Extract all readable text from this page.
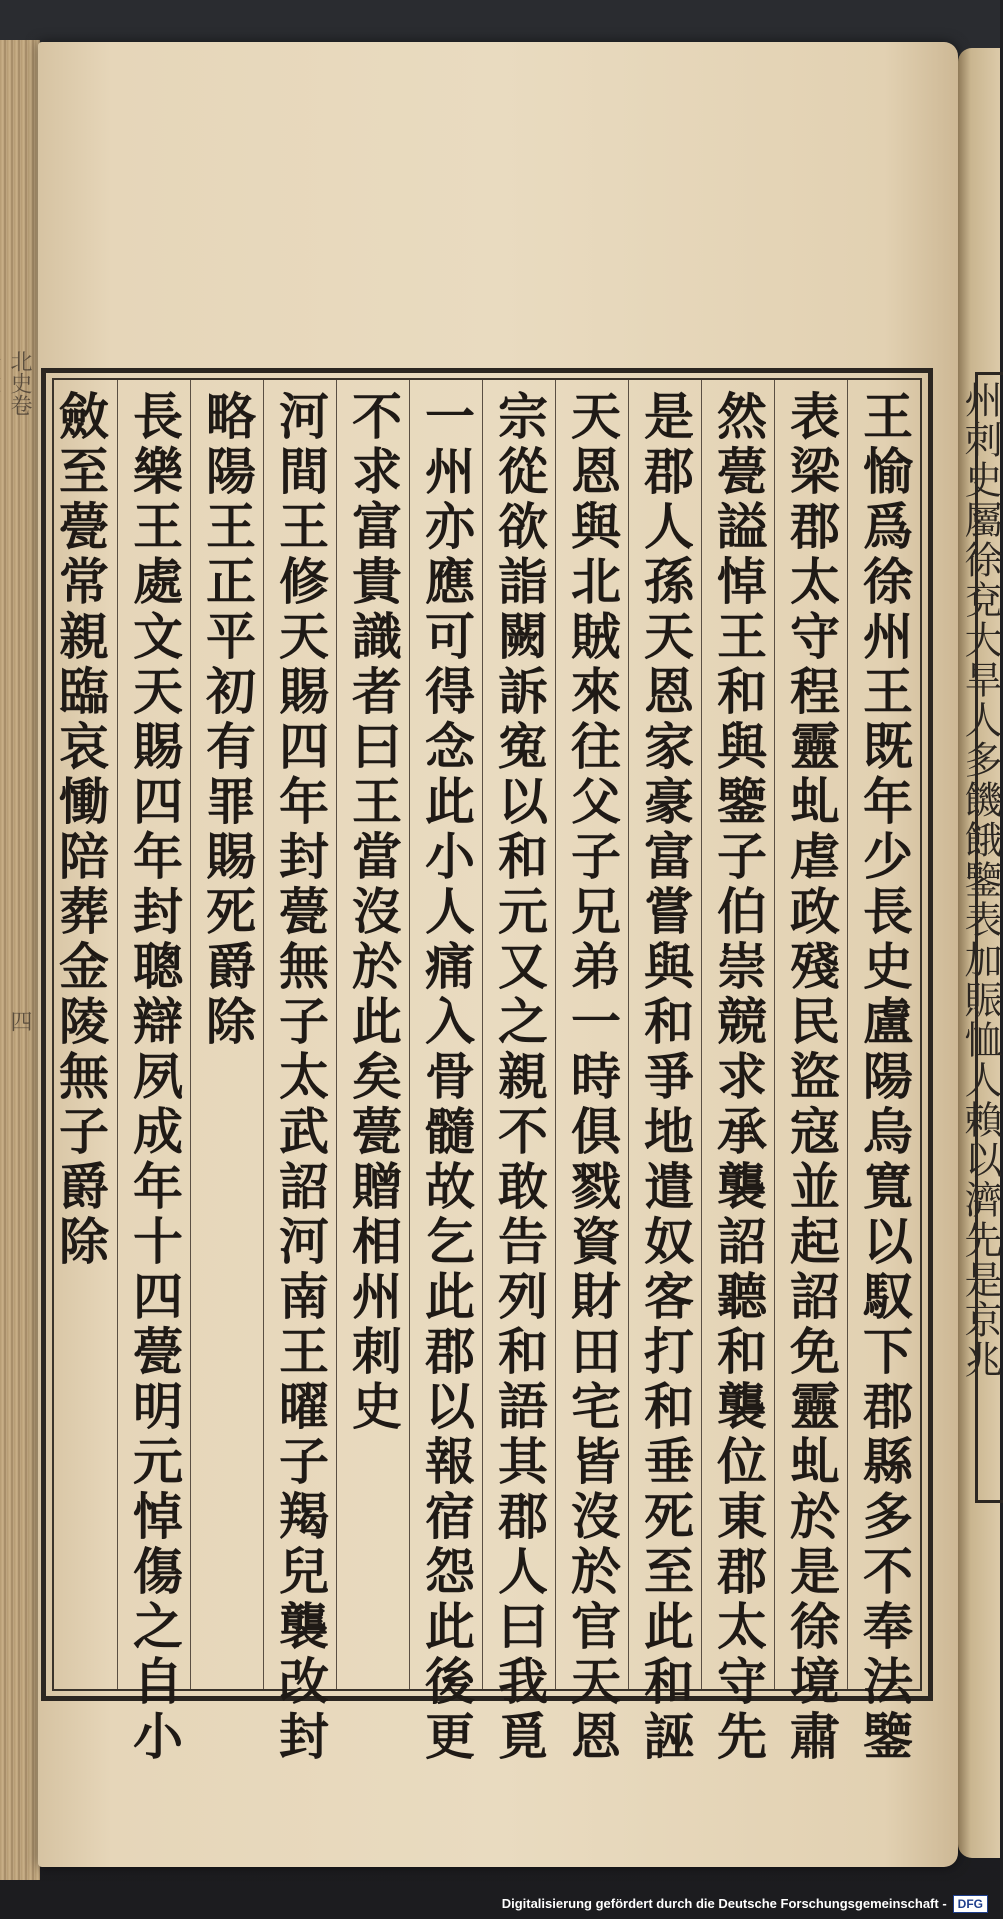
北史卷
四	王愉爲徐州王既年少長史盧陽烏寬以馭下郡縣多不奉法鑒
表梁郡太守程靈虬虐政殘民盜寇並起詔免靈虬於是徐境肅
然甍謚悼王和與鑒子伯崇競求承襲詔聽和襲位東郡太守先
是郡人孫天恩家豪富嘗與和爭地遣奴客打和垂死至此和誣
天恩與北賊來往父子兄弟一時俱戮資財田宅皆沒於官天恩
宗從欲詣闕訴寃以和元又之親不敢告列和語其郡人曰我覓
一州亦應可得念此小人痛入骨髓故乞此郡以報宿怨此後更
不求富貴識者曰王當沒於此矣甍贈相州刺史
河間王修天賜四年封甍無子太武詔河南王曜子羯兒襲改封
略陽王正平初有罪賜死爵除
長樂王處文天賜四年封聰辯夙成年十四甍明元悼傷之自小
斂至甍常親臨哀慟陪葬金陵無子爵除
Digitalisierung gefördert durch die Deutsche Forschungsgemeinschaft - DFG
